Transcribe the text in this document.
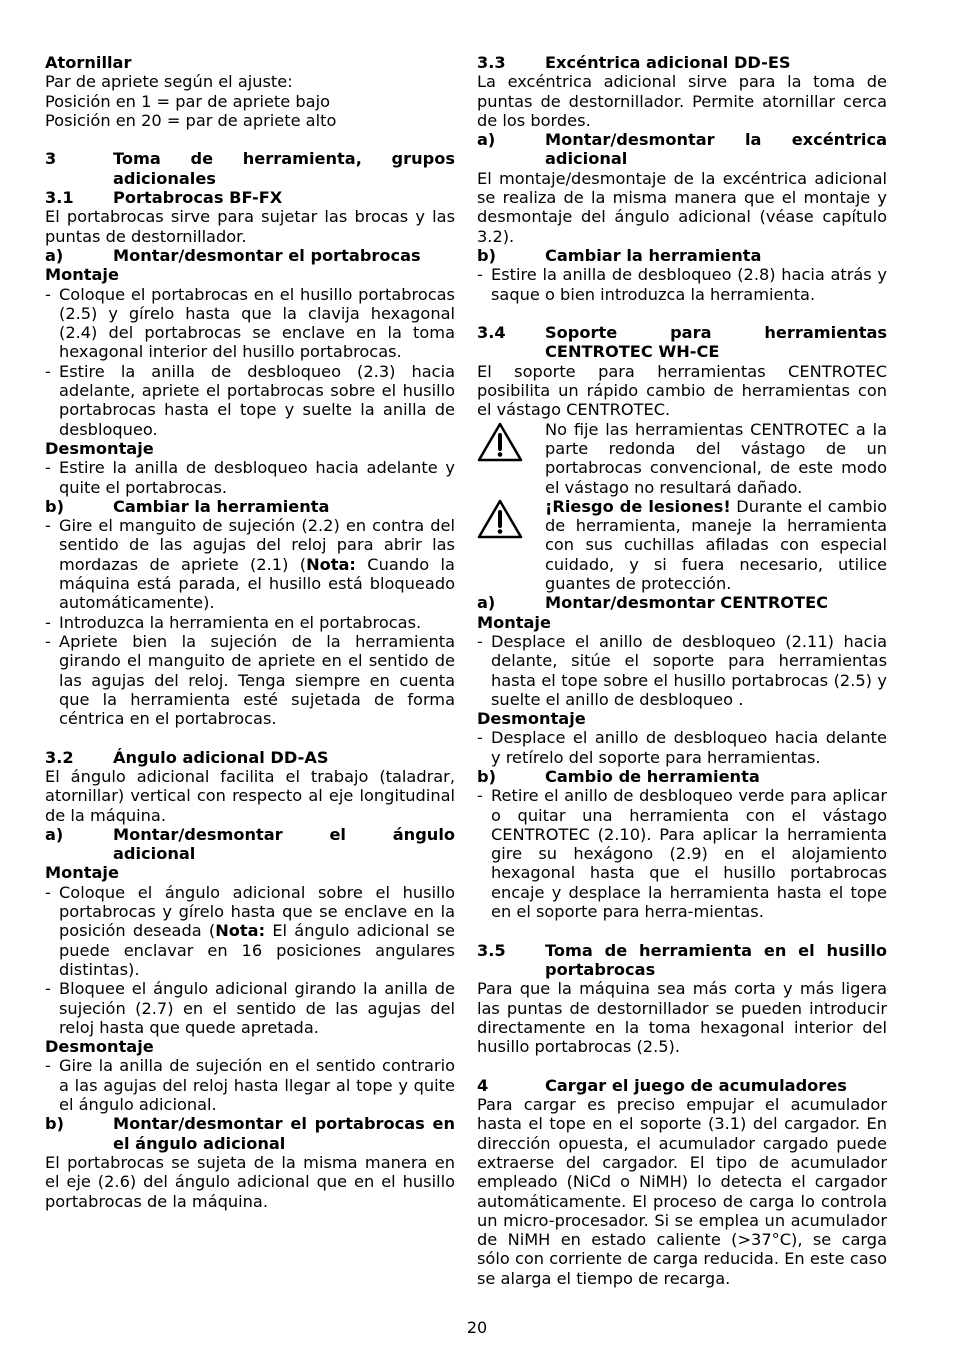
Atornillar
Par de apriete según el ajuste:
Posición en 1 = par de apriete bajo
Posición en 20 = par de apriete alto
3	Toma de herramienta, grupos adicionales
3.1	Portabrocas BF-FX
El portabrocas sirve para sujetar las brocas y las puntas de destornillador.
a)	Montar/desmontar el portabrocas
Montaje
- Coloque el portabrocas en el husillo portabrocas (2.5) y gírelo hasta que la clavija hexagonal (2.4) del portabrocas se enclave en la toma hexagonal interior del husillo portabrocas.
- Estire la anilla de desbloqueo (2.3) hacia adelante, apriete el portabrocas sobre el husillo portabrocas hasta el tope y suelte la anilla de desbloqueo.
Desmontaje
- Estire la anilla de desbloqueo hacia adelante y quite el portabrocas.
b)	Cambiar la herramienta
- Gire el manguito de sujeción (2.2) en contra del sentido de las agujas del reloj para abrir las mordazas de apriete (2.1) (Nota: Cuando la máquina está parada, el husillo está bloqueado automáticamente).
- Introduzca la herramienta en el portabrocas.
- Apriete bien la sujeción de la herramienta girando el manguito de apriete en el sentido de las agujas del reloj. Tenga siempre en cuenta que la herramienta esté sujetada de forma céntrica en el portabrocas.
3.2	Ángulo adicional DD-AS
El ángulo adicional facilita el trabajo (taladrar, atornillar) vertical con respecto al eje longitudinal de la máquina.
a)	Montar/desmontar el ángulo adicional
Montaje
- Coloque el ángulo adicional sobre el husillo portabrocas y gírelo hasta que se enclave en la posición deseada (Nota: El ángulo adicional se puede enclavar en 16 posiciones angulares distintas).
- Bloquee el ángulo adicional girando la anilla de sujeción (2.7) en el sentido de las agujas del reloj hasta que quede apretada.
Desmontaje
- Gire la anilla de sujeción en el sentido contrario a las agujas del reloj hasta llegar al tope y quite el ángulo adicional.
b)	Montar/desmontar el portabrocas en el ángulo adicional
El portabrocas se sujeta de la misma manera en el eje (2.6) del ángulo adicional que en el husillo portabrocas de la máquina.
3.3	Excéntrica adicional DD-ES
La excéntrica adicional sirve para la toma de puntas de destornillador. Permite atornillar cerca de los bordes.
a)	Montar/desmontar la excéntrica adicional
El montaje/desmontaje de la excéntrica adicional se realiza de la misma manera que el montaje y desmontaje del ángulo adicional (véase capítulo 3.2).
b)	Cambiar la herramienta
- Estire la anilla de desbloqueo (2.8) hacia atrás y saque o bien introduzca la herramienta.
3.4	Soporte para herramientas CENTROTEC WH-CE
El soporte para herramientas CENTROTEC posibilita un rápido cambio de herramientas con el vástago CENTROTEC.
No fije las herramientas CENTROTEC a la parte redonda del vástago de un portabrocas convencional, de este modo el vástago no resultará dañado.
¡Riesgo de lesiones! Durante el cambio de herramienta, maneje la herramienta con sus cuchillas afiladas con especial cuidado, y si fuera necesario, utilice guantes de protección.
a)	Montar/desmontar CENTROTEC
Montaje
- Desplace el anillo de desbloqueo (2.11) hacia delante, sitúe el soporte para herramientas hasta el tope sobre el husillo portabrocas (2.5) y suelte el anillo de desbloqueo .
Desmontaje
- Desplace el anillo de desbloqueo hacia delante y retírelo del soporte para herramientas.
b)	Cambio de herramienta
- Retire el anillo de desbloqueo verde para aplicar o quitar una herramienta con el vástago CENTROTEC (2.10). Para aplicar la herramienta gire su hexágono (2.9) en el alojamiento hexagonal hasta que el husillo portabrocas encaje y desplace la herramienta hasta el tope en el soporte para herra-mientas.
3.5	Toma de herramienta en el husillo portabrocas
Para que la máquina sea más corta y más ligera las puntas de destornillador se pueden introducir directamente en la toma hexagonal interior del husillo portabrocas (2.5).
4	Cargar el juego de acumuladores
Para cargar es preciso empujar el acumulador hasta el tope en el soporte (3.1) del cargador. En dirección opuesta, el acumulador cargado puede extraerse del cargador. El tipo de acumulador empleado (NiCd o NiMH) lo detecta el cargador automáticamente. El proceso de carga lo controla un micro-procesador. Si se emplea un acumulador de NiMH en estado caliente (>37°C), se carga sólo con corriente de carga reducida. En este caso se alarga el tiempo de recarga.
20
